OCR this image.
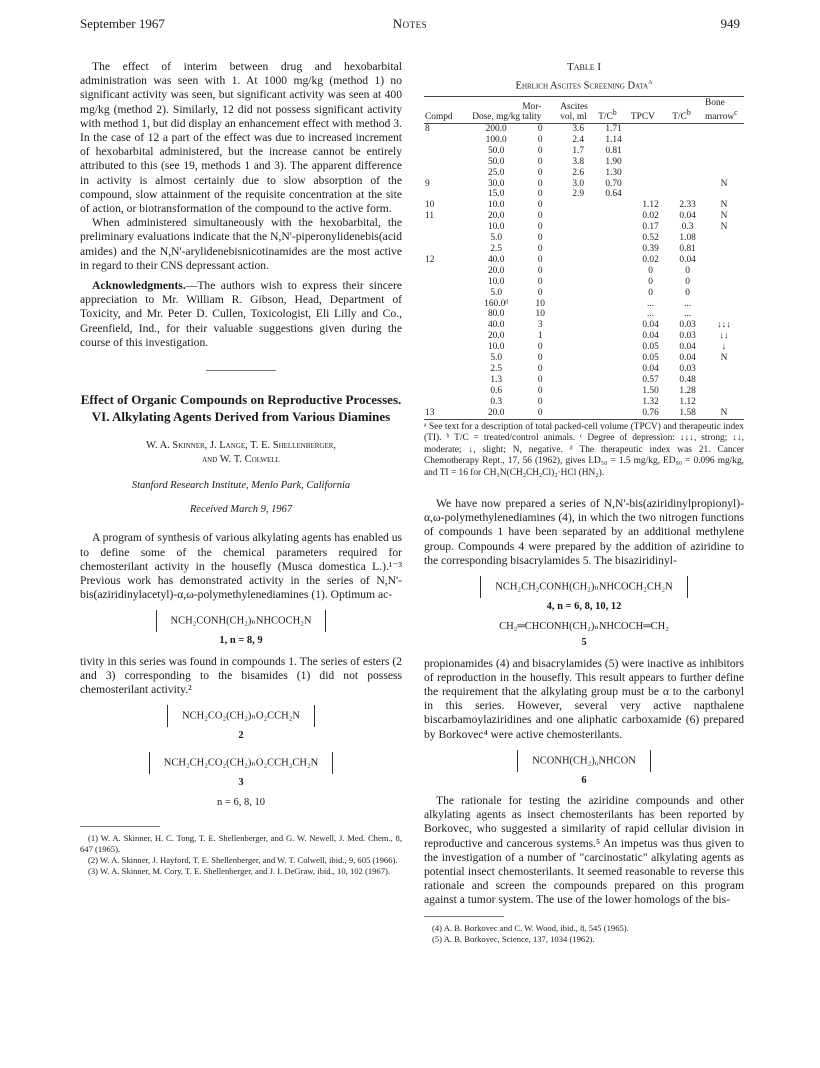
September 1967	Notes	949

The effect of interim between drug and hexobarbital administration was seen with 1. At 1000 mg/kg (method 1) no significant activity was seen, but significant activity was seen at 400 mg/kg (method 2). Similarly, 12 did not possess significant activity with method 1, but did display an enhancement effect with method 3. In the case of 12 a part of the effect was due to increased increment of hexobarbital administered, but the increase cannot be entirely attributed to this (see 19, methods 1 and 3). The apparent difference in activity is almost certainly due to slow absorption of the compound, slow attainment of the requisite concentration at the site of action, or biotransformation of the compound to the active form.

When administered simultaneously with the hexobarbital, the preliminary evaluations indicate that the N,N'-piperonylidenebis(acid amides) and the N,N'-arylidenebisnicotinamides are the most active in regard to their CNS depressant action.

Acknowledgments.—The authors wish to express their sincere appreciation to Mr. William R. Gibson, Head, Department of Toxicity, and Mr. Peter D. Cullen, Toxicologist, Eli Lilly and Co., Greenfield, Ind., for their valuable suggestions given during the course of this investigation.

Effect of Organic Compounds on Reproductive Processes. VI. Alkylating Agents Derived from Various Diamines
W. A. Skinner, J. Lange, T. E. Shellenberger,
and W. T. Colwell
Stanford Research Institute, Menlo Park, California
Received March 9, 1967

A program of synthesis of various alkylating agents has enabled us to define some of the chemical parameters required for chemosterilant activity in the housefly (Musca domestica L.).¹⁻³ Previous work has demonstrated activity in the series of N,N'-bis(aziridinylacetyl)-α,ω-polymethylenediamines (1). Optimum ac-

NCH₂CONH(CH₂)ₙNHCOCH₂N
1, n = 8, 9

tivity in this series was found in compounds 1. The series of esters (2 and 3) corresponding to the bisamides (1) did not possess chemosterilant activity.²

NCH₂CO₂(CH₂)ₙO₂CCH₂N
2
NCH₂CH₂CO₂(CH₂)ₙO₂CCH₂CH₂N
3
n = 6, 8, 10

(1) W. A. Skinner, H. C. Tong, T. E. Shellenberger, and G. W. Newell, J. Med. Chem., 8, 647 (1965).

(2) W. A. Skinner, J. Hayford, T. E. Shellenberger, and W. T. Colwell, ibid., 9, 605 (1966).

(3) W. A. Skinner, M. Cory, T. E. Shellenberger, and J. I. DeGraw, ibid., 10, 102 (1967).

Table I
Ehrlich Ascites Screening Data$^a$
Compd	Dose, mg/kg	Mor- tality	Ascites vol, ml	$T/C^b$	TPCV	$T/C^b$	Bone marrow$^c$
8	200.0	0	3.6	1.71			
	100.0	0	2.4	1.14			
	50.0	0	1.7	0.81			
	50.0	0	3.8	1.90			
	25.0	0	2.6	1.30			
9	30.0	0	3.0	0.70			N
	15.0	0	2.9	0.64			
10	10.0	0			1.12	2.33	N
11	20.0	0			0.02	0.04	N
	10.0	0			0.17	0.3	N
	5.0	0			0.52	1.08	
	2.5	0			0.39	0.81	
12	40.0	0			0.02	0.04	
	20.0	0			0	0	
	10.0	0			0	0	
	5.0	0			0	0	
	160.0ᵈ	10			...	...	
	80.0	10			...	...	
	40.0	3			0.04	0.03	↓↓↓
	20.0	1			0.04	0.03	↓↓
	10.0	0			0.05	0.04	↓
	5.0	0			0.05	0.04	N
	2.5	0			0.04	0.03	
	1.3	0			0.57	0.48	
	0.6	0			1.50	1.28	
	0.3	0			1.32	1.12	
13	20.0	0			0.76	1.58	N
ᵃ See text for a description of total packed-cell volume (TPCV) and therapeutic index (TI). ᵇ T/C = treated/control animals. ᶜ Degree of depression: ↓↓↓, strong; ↓↓, moderate; ↓, slight; N, negative. ᵈ The therapeutic index was 21. Cancer Chemotherapy Rept., 17, 56 (1962), gives LD₅₀ = 1.5 mg/kg, ED₉₀ = 0.096 mg/kg, and TI = 16 for CH₃N(CH₂CH₂Cl)₂·HCl (HN₂).

We have now prepared a series of N,N'-bis(aziridinylpropionyl)-α,ω-polymethylenediamines (4), in which the two nitrogen functions of compounds 1 have been separated by an additional methylene group. Compounds 4 were prepared by the addition of aziridine to the corresponding bisacrylamides 5. The bisaziridinyl-

NCH₂CH₂CONH(CH₂)ₙNHCOCH₂CH₂N
4, n = 6, 8, 10, 12
CH₂═CHCONH(CH₂)ₙNHCOCH═CH₂
5

propionamides (4) and bisacrylamides (5) were inactive as inhibitors of reproduction in the housefly. This result appears to further define the requirement that the alkylating group must be α to the carbonyl in this series. However, several very active napthalene biscarbamoylaziridines and one aliphatic carboxamide (6) prepared by Borkovec⁴ were active chemosterilants.

NCONH(CH₂)₆NHCON
6

The rationale for testing the aziridine compounds and other alkylating agents as insect chemosterilants has been reported by Borkovec, who suggested a similarity of rapid cellular division in reproductive and cancerous systems.⁵ An impetus was thus given to the investigation of a number of "carcinostatic" alkylating agents as potential insect chemosterilants. It seemed reasonable to reverse this rationale and screen the compounds prepared on this program against a tumor system. The use of the lower homologs of the bis-

(4) A. B. Borkovec and C. W. Wood, ibid., 8, 545 (1965).

(5) A. B. Borkovec, Science, 137, 1034 (1962).
